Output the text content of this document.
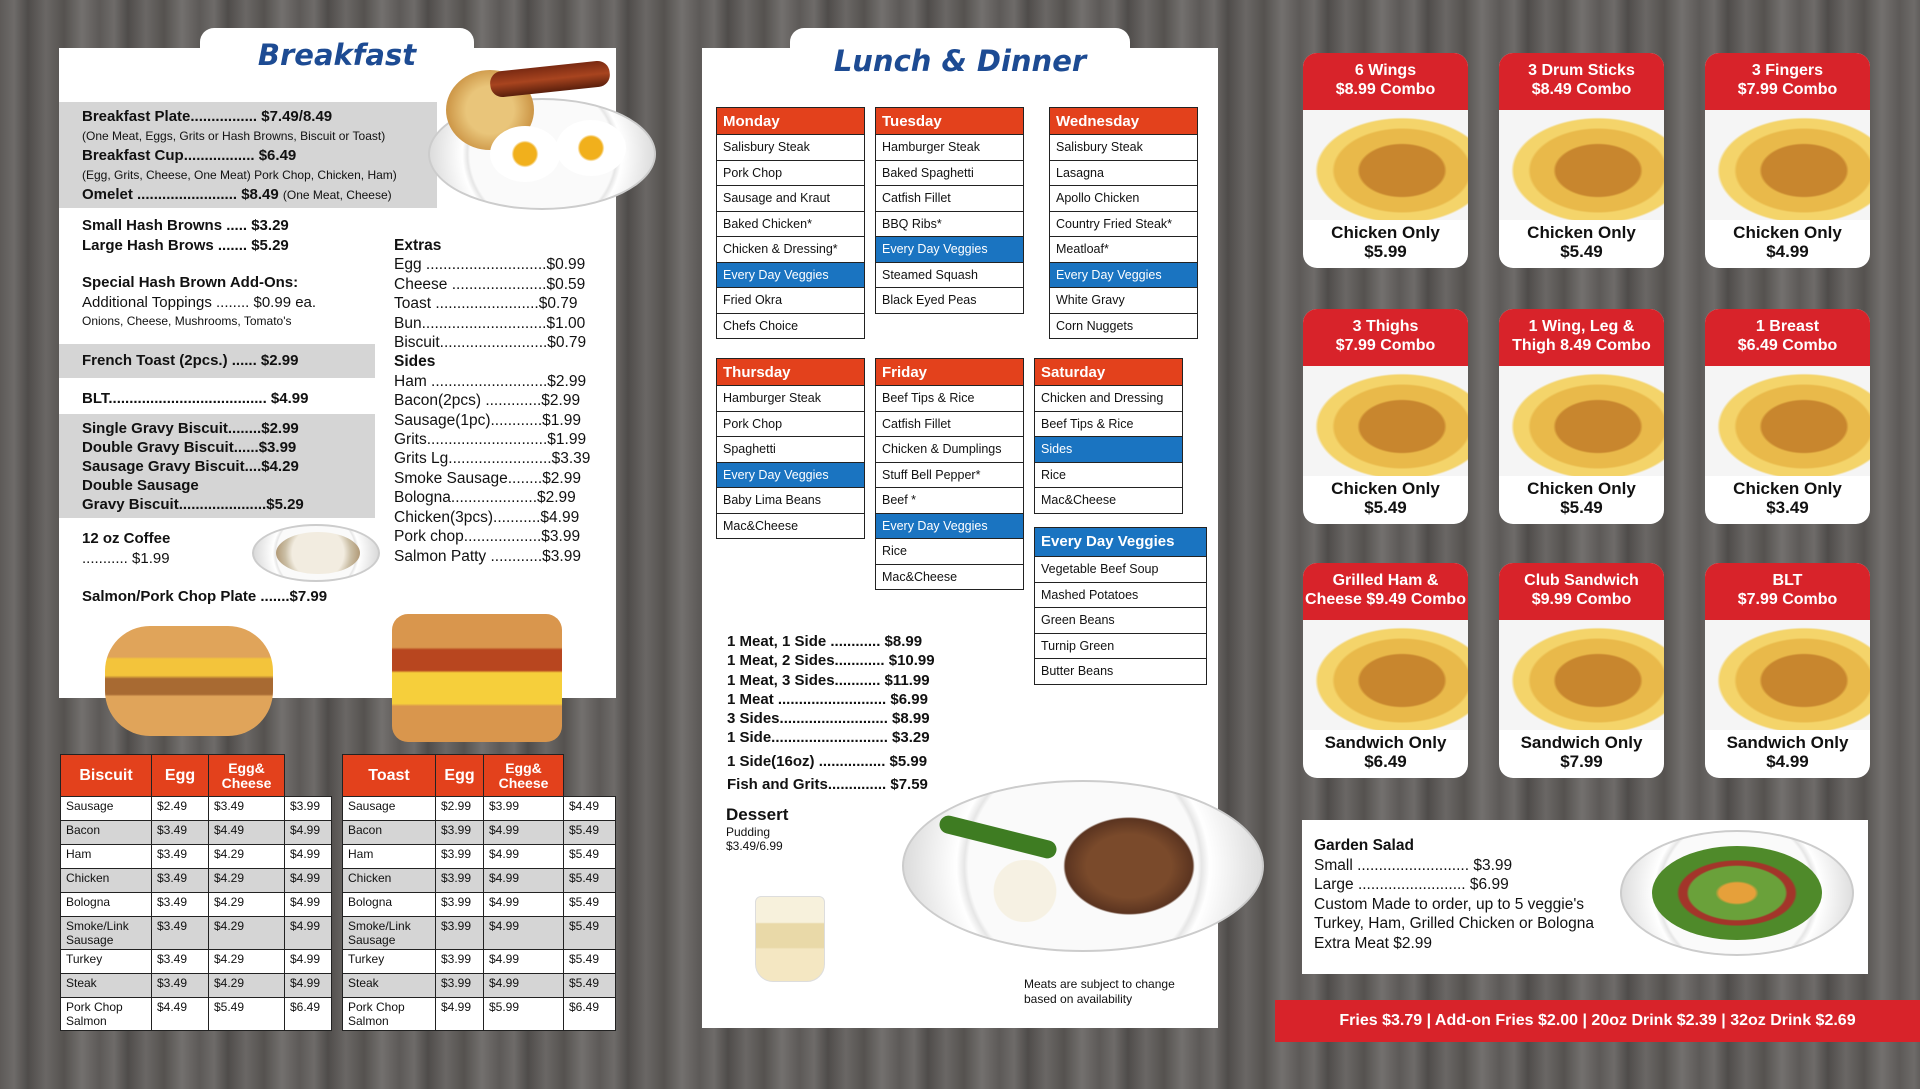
Breakfast
Breakfast Plate................ $7.49/8.49
(One Meat, Eggs, Grits or Hash Browns, Biscuit or Toast)
Breakfast Cup................. $6.49
(Egg, Grits, Cheese, One Meat) Pork Chop, Chicken, Ham)
Omelet ........................ $8.49 (One Meat, Cheese)
Small Hash Browns ..... $3.29
Large Hash Brows ....... $5.29
Special Hash Brown Add-Ons:
Additional Toppings ........ $0.99 ea.
Onions, Cheese, Mushrooms, Tomato's
French Toast (2pcs.) ...... $2.99
BLT...................................... $4.99
Single Gravy Biscuit........$2.99
Double Gravy Biscuit......$3.99
Sausage Gravy Biscuit....$4.29
Double Sausage
Gravy Biscuit.....................$5.29
12 oz Coffee
........... $1.99
Salmon/Pork Chop Plate .......$7.99
Extras
Egg ............................$0.99
Cheese ......................$0.59
Toast ........................$0.79
Bun.............................$1.00
Biscuit.........................$0.79
Sides
Ham ...........................$2.99
Bacon(2pcs) .............$2.99
Sausage(1pc)............$1.99
Grits............................$1.99
Grits Lg........................$3.39
Smoke Sausage........$2.99
Bologna....................$2.99
Chicken(3pcs)...........$4.99
Pork chop..................$3.99
Salmon Patty ............$3.99
Biscuit	Egg	Egg&
Cheese
Sausage	$2.49	$3.49	$3.99
Bacon	$3.49	$4.49	$4.99
Ham	$3.49	$4.29	$4.99
Chicken	$3.49	$4.29	$4.99
Bologna	$3.49	$4.29	$4.99
Smoke/Link Sausage	$3.49	$4.29	$4.99
Turkey	$3.49	$4.29	$4.99
Steak	$3.49	$4.29	$4.99
Pork Chop Salmon	$4.49	$5.49	$6.49
Toast	Egg	Egg&
Cheese
Sausage	$2.99	$3.99	$4.49
Bacon	$3.99	$4.99	$5.49
Ham	$3.99	$4.99	$5.49
Chicken	$3.99	$4.99	$5.49
Bologna	$3.99	$4.99	$5.49
Smoke/Link Sausage	$3.99	$4.99	$5.49
Turkey	$3.99	$4.99	$5.49
Steak	$3.99	$4.99	$5.49
Pork Chop Salmon	$4.99	$5.99	$6.49
Lunch & Dinner
Monday
Salisbury Steak
Pork Chop
Sausage and Kraut
Baked Chicken*
Chicken & Dressing*
Every Day Veggies
Fried Okra
Chefs Choice
Tuesday
Hamburger Steak
Baked Spaghetti
Catfish Fillet
BBQ Ribs*
Every Day Veggies
Steamed Squash
Black Eyed Peas
Wednesday
Salisbury Steak
Lasagna
Apollo Chicken
Country Fried Steak*
Meatloaf*
Every Day Veggies
White Gravy
Corn Nuggets
Thursday
Hamburger Steak
Pork Chop
Spaghetti
Every Day Veggies
Baby Lima Beans
Mac&Cheese
Friday
Beef Tips & Rice
Catfish Fillet
Chicken & Dumplings
Stuff Bell Pepper*
Beef *
Every Day Veggies
Rice
Mac&Cheese
Saturday
Chicken and Dressing
Beef Tips & Rice
Sides
Rice
Mac&Cheese
Every Day Veggies
Vegetable Beef Soup
Mashed Potatoes
Green Beans
Turnip Green
Butter Beans
1 Meat, 1 Side ............ $8.99
1 Meat, 2 Sides............ $10.99
1 Meat, 3 Sides........... $11.99
1 Meat .......................... $6.99
3 Sides.......................... $8.99
1 Side............................ $3.29
1 Side(16oz) ................ $5.99
Fish and Grits.............. $7.59
Dessert
Pudding
$3.49/6.99
Meats are subject to change based on availability
6 Wings
$8.99 Combo
Chicken Only
$5.99
3 Drum Sticks
$8.49 Combo
Chicken Only
$5.49
3 Fingers
$7.99 Combo
Chicken Only
$4.99
3 Thighs
$7.99 Combo
Chicken Only
$5.49
1 Wing, Leg &
Thigh 8.49 Combo
Chicken Only
$5.49
1 Breast
$6.49 Combo
Chicken Only
$3.49
Grilled Ham &
Cheese $9.49 Combo
Sandwich Only
$6.49
Club Sandwich
$9.99 Combo
Sandwich Only
$7.99
BLT
$7.99 Combo
Sandwich Only
$4.99
Garden Salad
Small .......................... $3.99
Large ......................... $6.99
Custom Made to order, up to 5 veggie's
Turkey, Ham, Grilled Chicken or Bologna
Extra Meat $2.99
Fries $3.79 | Add-on Fries $2.00 | 20oz Drink $2.39 | 32oz Drink $2.69
